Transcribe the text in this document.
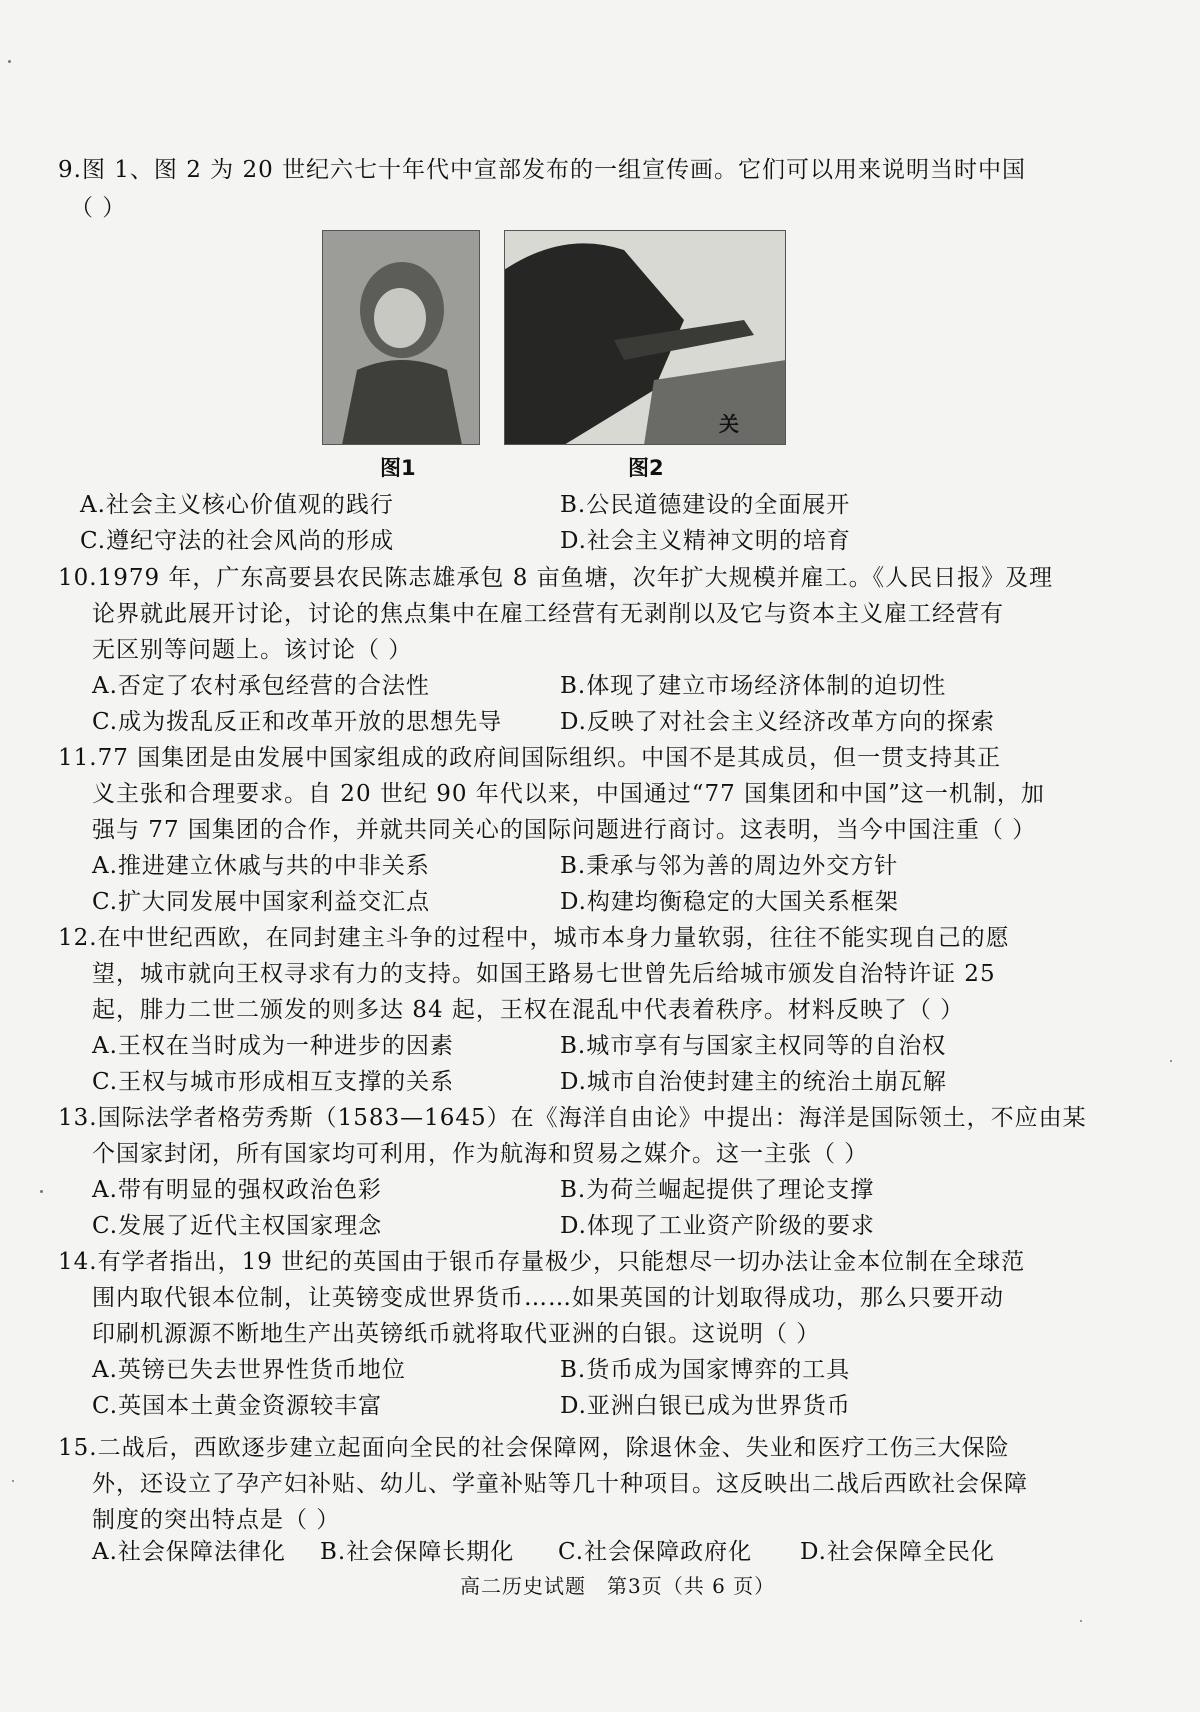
9.图 1、图 2 为 20 世纪六七十年代中宣部发布的一组宣传画。它们可以用来说明当时中国
（ ）
关
图1	图2
A.社会主义核心价值观的践行	B.公民道德建设的全面展开
C.遵纪守法的社会风尚的形成	D.社会主义精神文明的培育
10.1979 年，广东高要县农民陈志雄承包 8 亩鱼塘，次年扩大规模并雇工。《人民日报》及理
论界就此展开讨论，讨论的焦点集中在雇工经营有无剥削以及它与资本主义雇工经营有
无区别等问题上。该讨论（ ）
A.否定了农村承包经营的合法性	B.体现了建立市场经济体制的迫切性
C.成为拨乱反正和改革开放的思想先导	D.反映了对社会主义经济改革方向的探索
11.77 国集团是由发展中国家组成的政府间国际组织。中国不是其成员，但一贯支持其正
义主张和合理要求。自 20 世纪 90 年代以来，中国通过“77 国集团和中国”这一机制，加
强与 77 国集团的合作，并就共同关心的国际问题进行商讨。这表明，当今中国注重（ ）
A.推进建立休戚与共的中非关系	B.秉承与邻为善的周边外交方针
C.扩大同发展中国家利益交汇点	D.构建均衡稳定的大国关系框架
12.在中世纪西欧，在同封建主斗争的过程中，城市本身力量软弱，往往不能实现自己的愿
望，城市就向王权寻求有力的支持。如国王路易七世曾先后给城市颁发自治特许证 25
起，腓力二世二颁发的则多达 84 起，王权在混乱中代表着秩序。材料反映了（ ）
A.王权在当时成为一种进步的因素	B.城市享有与国家主权同等的自治权
C.王权与城市形成相互支撑的关系	D.城市自治使封建主的统治土崩瓦解
13.国际法学者格劳秀斯（1583—1645）在《海洋自由论》中提出：海洋是国际领土，不应由某
个国家封闭，所有国家均可利用，作为航海和贸易之媒介。这一主张（ ）
A.带有明显的强权政治色彩	B.为荷兰崛起提供了理论支撑
C.发展了近代主权国家理念	D.体现了工业资产阶级的要求
14.有学者指出，19 世纪的英国由于银币存量极少，只能想尽一切办法让金本位制在全球范
围内取代银本位制，让英镑变成世界货币……如果英国的计划取得成功，那么只要开动
印刷机源源不断地生产出英镑纸币就将取代亚洲的白银。这说明（ ）
A.英镑已失去世界性货币地位	B.货币成为国家博弈的工具
C.英国本土黄金资源较丰富	D.亚洲白银已成为世界货币
15.二战后，西欧逐步建立起面向全民的社会保障网，除退休金、失业和医疗工伤三大保险
外，还设立了孕产妇补贴、幼儿、学童补贴等几十种项目。这反映出二战后西欧社会保障
制度的突出特点是（ ）
A.社会保障法律化 B.社会保障长期化 C.社会保障政府化 D.社会保障全民化
高二历史试题　第3页（共 6 页）
